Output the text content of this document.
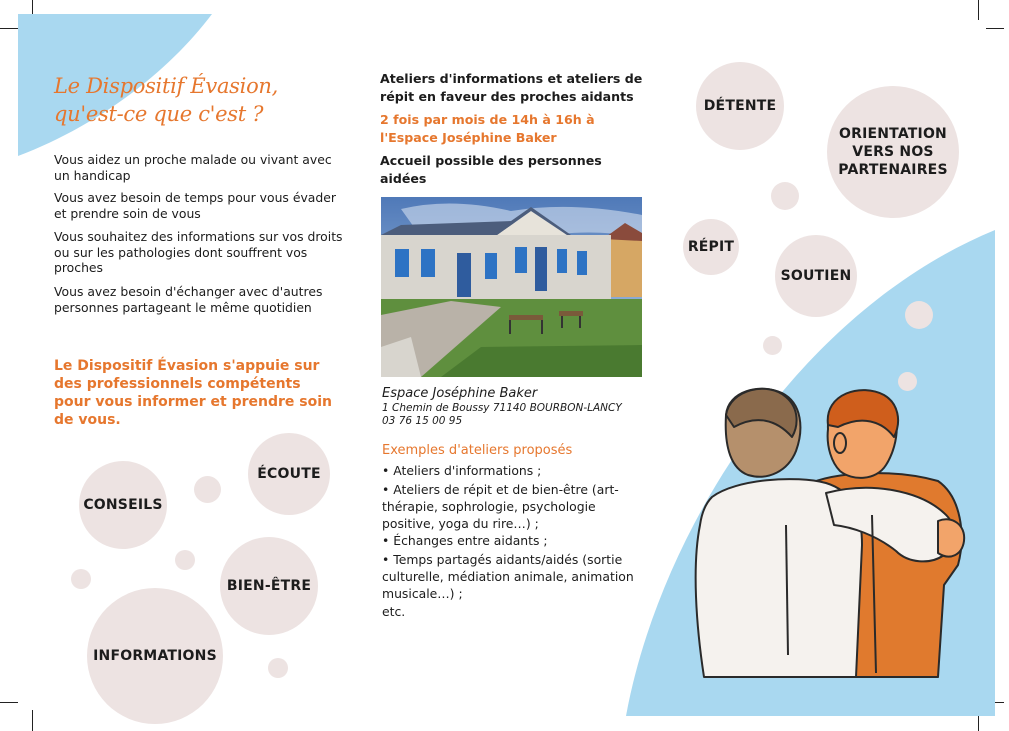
Le Dispositif Évasion,
qu'est-ce que c'est ?
Vous aidez un proche malade ou vivant avec un handicap
Vous avez besoin de temps pour vous évader et prendre soin de vous
Vous souhaitez des informations sur vos droits ou sur les pathologies dont souffrent vos proches
Vous avez besoin d'échanger avec d'autres personnes partageant le même quotidien
Le Dispositif Évasion s'appuie sur des professionnels compétents pour vous informer et prendre soin de vous.
ÉCOUTE
CONSEILS
BIEN-ÊTRE
INFORMATIONS
Ateliers d'informations et ateliers de répit en faveur des proches aidants
2 fois par mois de 14h à 16h à l'Espace Joséphine Baker
Accueil possible des personnes aidées
Espace Joséphine Baker
1 Chemin de Boussy 71140 BOURBON-LANCY
03 76 15 00 95
Exemples d'ateliers proposés
• Ateliers d'informations ;
• Ateliers de répit et de bien-être (art-thérapie, sophrologie, psychologie positive, yoga du rire…) ;
• Échanges entre aidants ;
• Temps partagés aidants/aidés (sortie culturelle, médiation animale, animation musicale…) ;
etc.
DÉTENTE
ORIENTATION VERS NOS PARTENAIRES
RÉPIT
SOUTIEN
